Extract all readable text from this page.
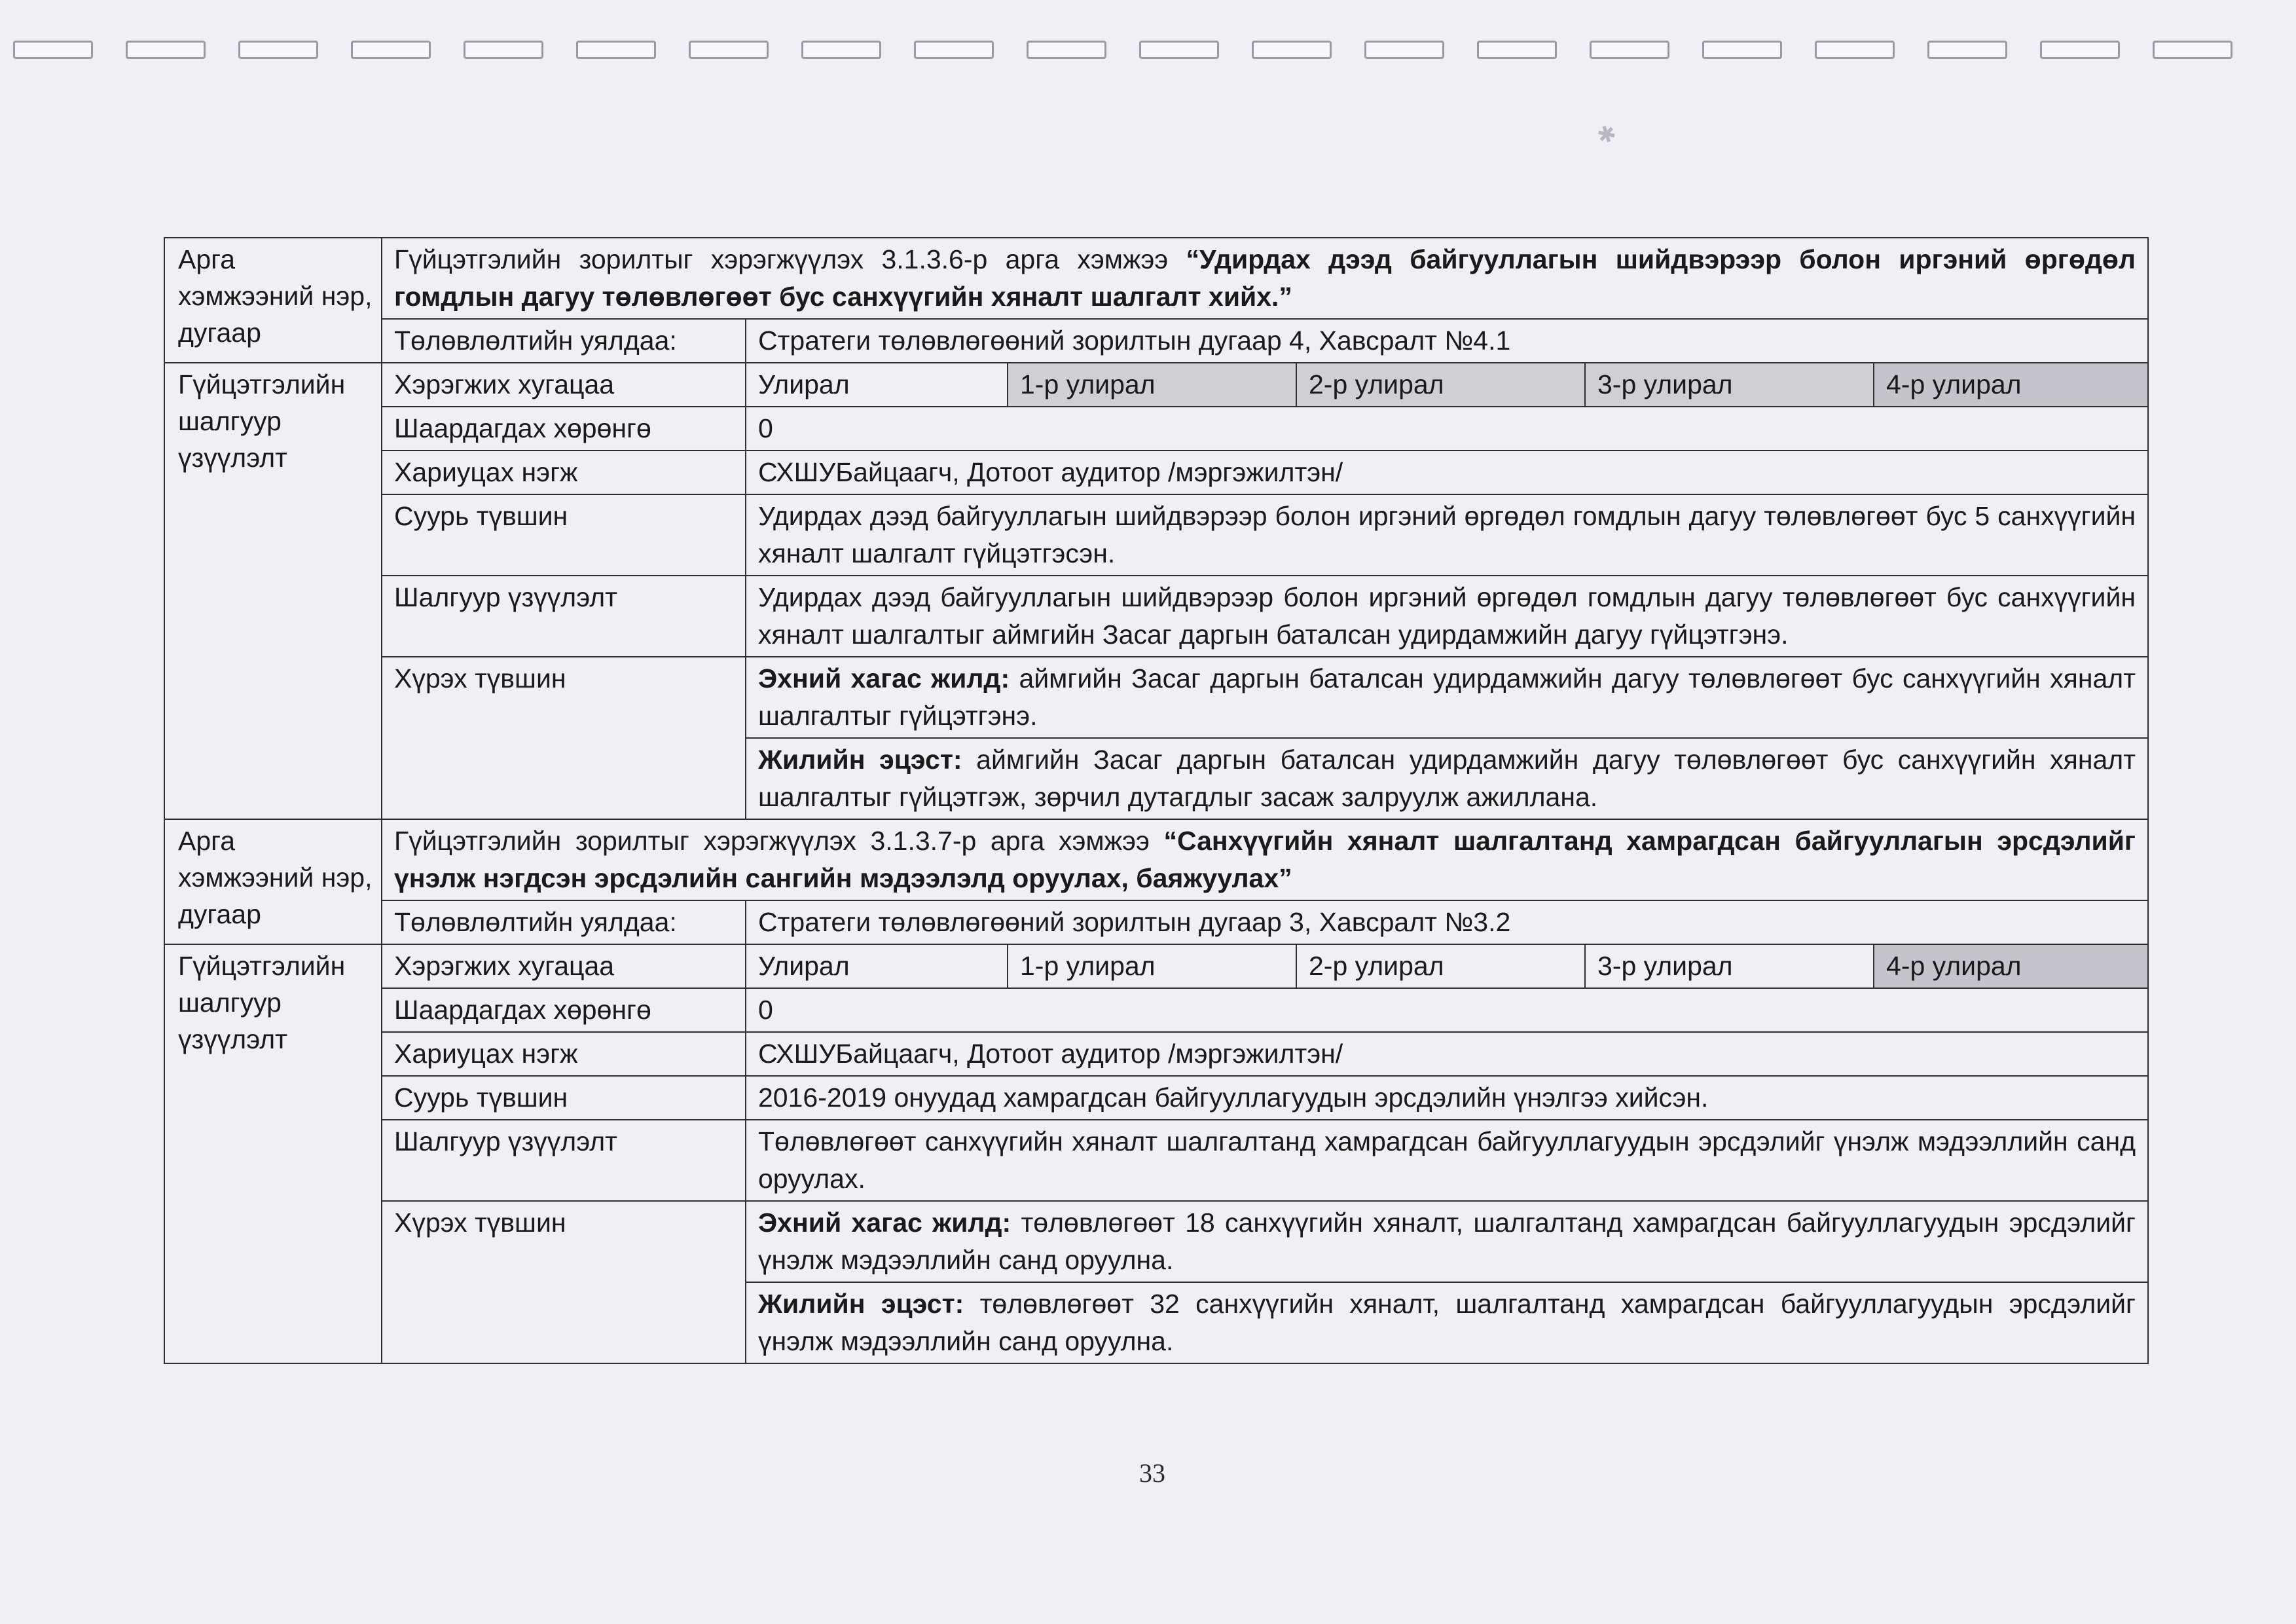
✱
Арга хэмжээний нэр, дугаар	Гүйцэтгэлийн зорилтыг хэрэгжүүлэх 3.1.3.6-р арга хэмжээ “Удирдах дээд байгууллагын шийдвэрээр болон иргэний өргөдөл гомдлын дагуу төлөвлөгөөт бус санхүүгийн хяналт шалгалт хийх.”					
	Төлөвлөлтийн уялдаа:	Стратеги төлөвлөгөөний зорилтын дугаар 4, Хавсралт №4.1				
Гүйцэтгэлийн шалгуур үзүүлэлт	Хэрэгжих хугацаа	Улирал	1-р улирал	2-р улирал	3-р улирал	4-р улирал
	Шаардагдах хөрөнгө	0				
	Хариуцах нэгж	СХШУБайцаагч, Дотоот аудитор /мэргэжилтэн/				
	Суурь түвшин	Удирдах дээд байгууллагын шийдвэрээр болон иргэний өргөдөл гомдлын дагуу төлөвлөгөөт бус 5 санхүүгийн хяналт шалгалт гүйцэтгэсэн.				
	Шалгуур үзүүлэлт	Удирдах дээд байгууллагын шийдвэрээр болон иргэний өргөдөл гомдлын дагуу төлөвлөгөөт бус санхүүгийн хяналт шалгалтыг аймгийн Засаг даргын баталсан удирдамжийн дагуу гүйцэтгэнэ.				
	Хүрэх түвшин	Эхний хагас жилд: аймгийн Засаг даргын баталсан удирдамжийн дагуу төлөвлөгөөт бус санхүүгийн хяналт шалгалтыг гүйцэтгэнэ.				
		Жилийн эцэст: аймгийн Засаг даргын баталсан удирдамжийн дагуу төлөвлөгөөт бус санхүүгийн хяналт шалгалтыг гүйцэтгэж, зөрчил дутагдлыг засаж залруулж ажиллана.				
Арга хэмжээний нэр, дугаар	Гүйцэтгэлийн зорилтыг хэрэгжүүлэх 3.1.3.7-р арга хэмжээ “Санхүүгийн хяналт шалгалтанд хамрагдсан байгууллагын эрсдэлийг үнэлж нэгдсэн эрсдэлийн сангийн мэдээлэлд оруулах, баяжуулах”					
	Төлөвлөлтийн уялдаа:	Стратеги төлөвлөгөөний зорилтын дугаар 3, Хавсралт №3.2				
Гүйцэтгэлийн шалгуур үзүүлэлт	Хэрэгжих хугацаа	Улирал	1-р улирал	2-р улирал	3-р улирал	4-р улирал
	Шаардагдах хөрөнгө	0				
	Хариуцах нэгж	СХШУБайцаагч, Дотоот аудитор /мэргэжилтэн/				
	Суурь түвшин	2016-2019 онуудад хамрагдсан байгууллагуудын эрсдэлийн үнэлгээ хийсэн.				
	Шалгуур үзүүлэлт	Төлөвлөгөөт санхүүгийн хяналт шалгалтанд хамрагдсан байгууллагуудын эрсдэлийг үнэлж мэдээллийн санд оруулах.				
	Хүрэх түвшин	Эхний хагас жилд: төлөвлөгөөт 18 санхүүгийн хяналт, шалгалтанд хамрагдсан байгууллагуудын эрсдэлийг үнэлж мэдээллийн санд оруулна.				
		Жилийн эцэст: төлөвлөгөөт 32 санхүүгийн хяналт, шалгалтанд хамрагдсан байгууллагуудын эрсдэлийг үнэлж мэдээллийн санд оруулна.				
33
